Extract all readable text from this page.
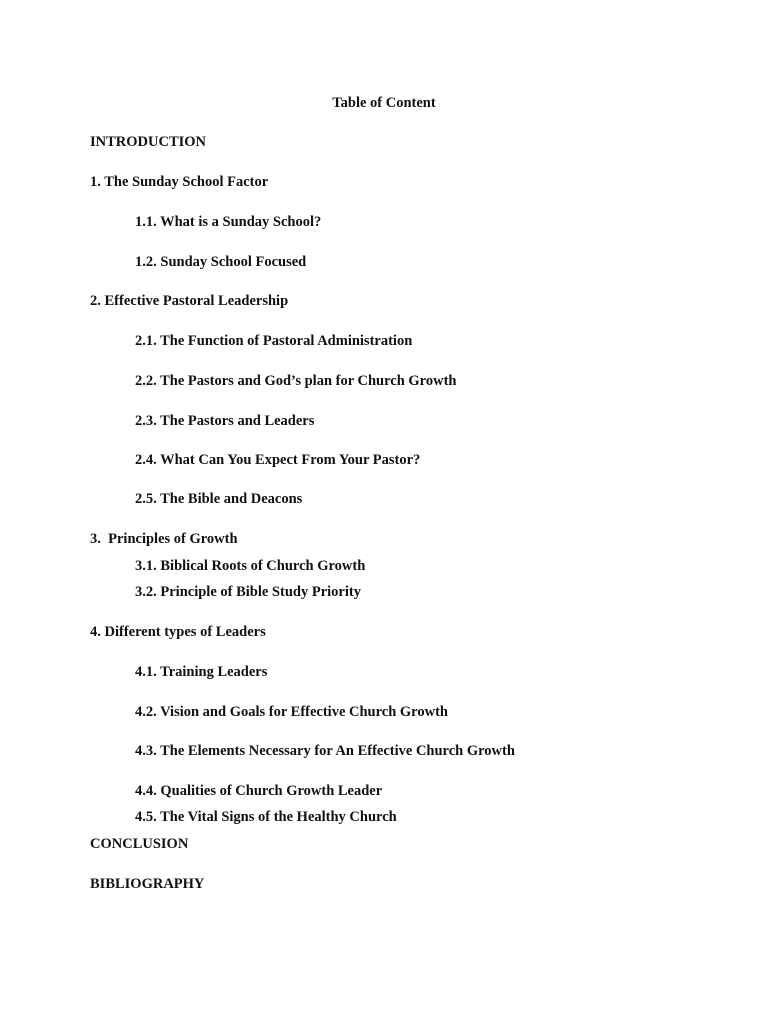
Table of Content
INTRODUCTION
1. The Sunday School Factor
1.1. What is a Sunday School?
1.2. Sunday School Focused
2. Effective Pastoral Leadership
2.1. The Function of Pastoral Administration
2.2. The Pastors and God’s plan for Church Growth
2.3. The Pastors and Leaders
2.4. What Can You Expect From Your Pastor?
2.5. The Bible and Deacons
3.  Principles of Growth
3.1. Biblical Roots of Church Growth
3.2. Principle of Bible Study Priority
4. Different types of Leaders
4.1. Training Leaders
4.2. Vision and Goals for Effective Church Growth
4.3. The Elements Necessary for An Effective Church Growth
4.4. Qualities of Church Growth Leader
4.5. The Vital Signs of the Healthy Church
CONCLUSION
BIBLIOGRAPHY
